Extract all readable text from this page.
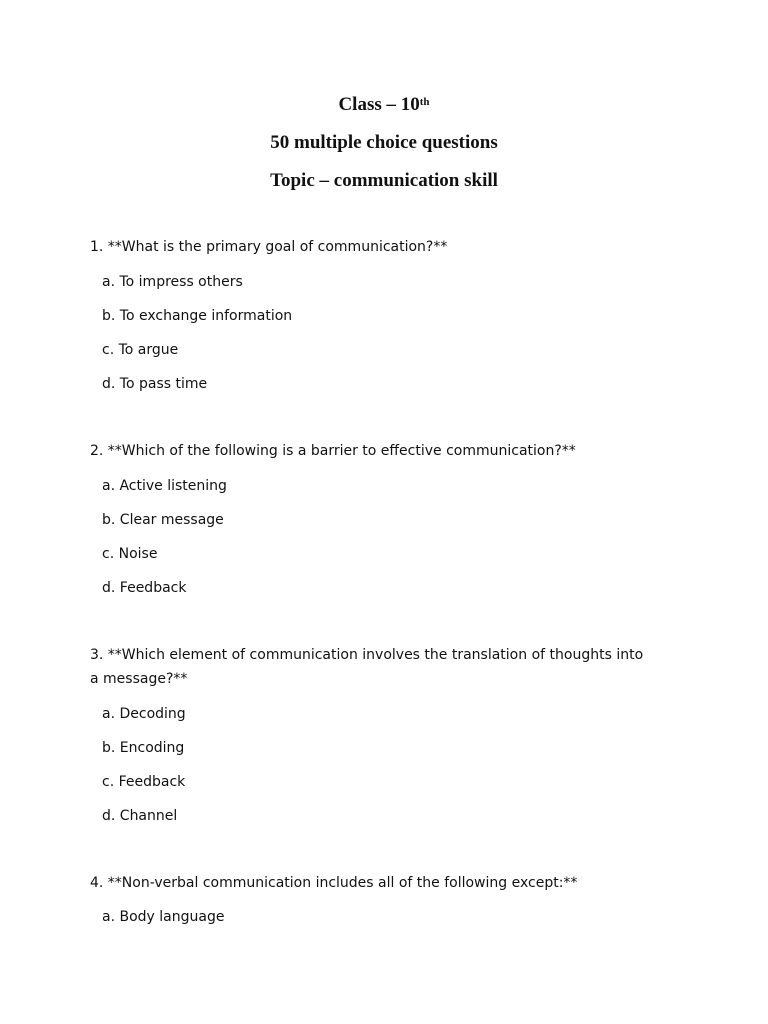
Class – 10th
50 multiple choice questions
Topic – communication skill
1. **What is the primary goal of communication?**
a. To impress others
b. To exchange information
c. To argue
d. To pass time
2. **Which of the following is a barrier to effective communication?**
a. Active listening
b. Clear message
c. Noise
d. Feedback
3. **Which element of communication involves the translation of thoughts into a message?**
a. Decoding
b. Encoding
c. Feedback
d. Channel
4. **Non-verbal communication includes all of the following except:**
a. Body language
